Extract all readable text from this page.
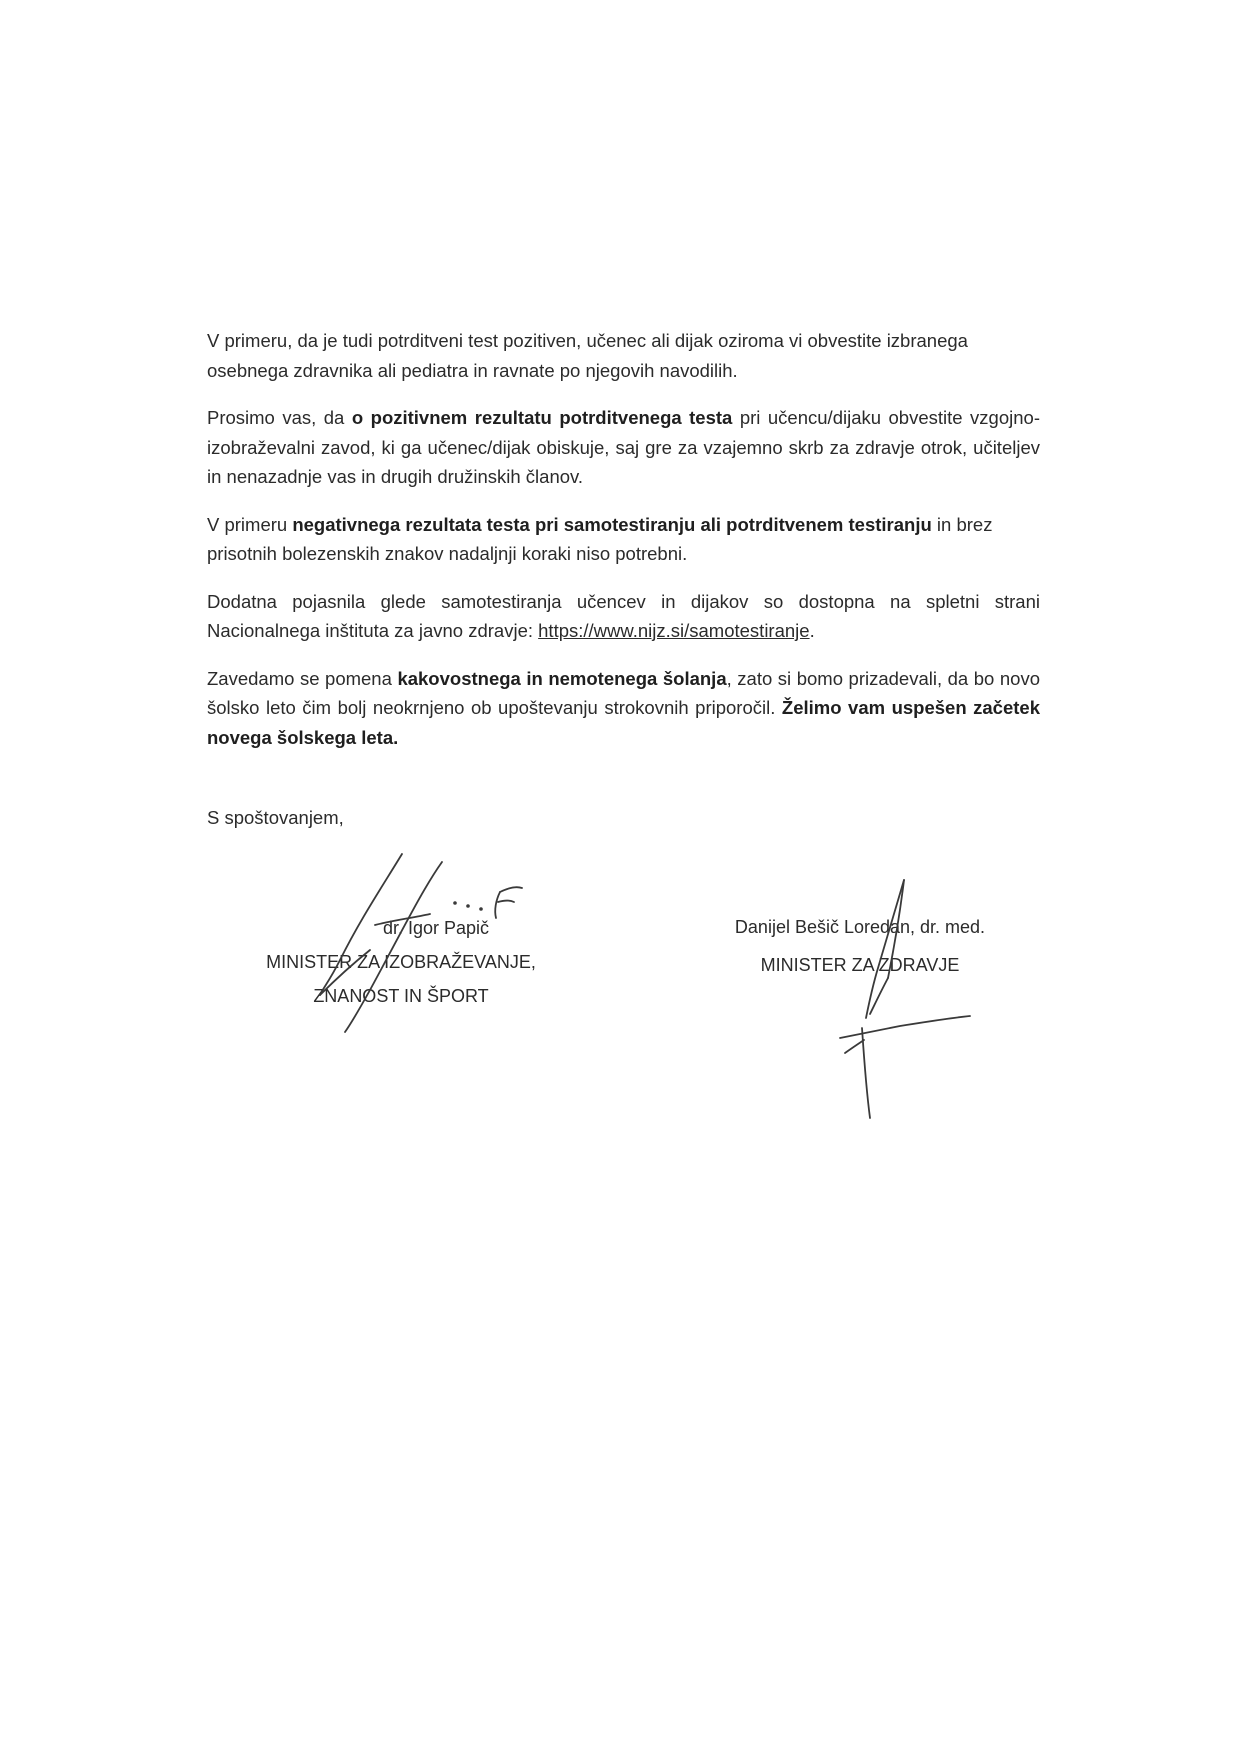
V primeru, da je tudi potrditveni test pozitiven, učenec ali dijak oziroma vi obvestite izbranega osebnega zdravnika ali pediatra in ravnate po njegovih navodilih.

Prosimo vas, da o pozitivnem rezultatu potrditvenega testa pri učencu/dijaku obvestite vzgojno-izobraževalni zavod, ki ga učenec/dijak obiskuje, saj gre za vzajemno skrb za zdravje otrok, učiteljev in nenazadnje vas in drugih družinskih članov.

V primeru negativnega rezultata testa pri samotestiranju ali potrditvenem testiranju in brez prisotnih bolezenskih znakov nadaljnji koraki niso potrebni.

Dodatna pojasnila glede samotestiranja učencev in dijakov so dostopna na spletni strani Nacionalnega inštituta za javno zdravje: https://www.nijz.si/samotestiranje.

Zavedamo se pomena kakovostnega in nemotenega šolanja, zato si bomo prizadevali, da bo novo šolsko leto čim bolj neokrnjeno ob upoštevanju strokovnih priporočil. Želimo vam uspešen začetek novega šolskega leta.

S spoštovanjem,
dr. Igor Papič
MINISTER ZA IZOBRAŽEVANJE,
ZNANOST IN ŠPORT
Danijel Bešič Loredan, dr. med.
MINISTER ZA ZDRAVJE
